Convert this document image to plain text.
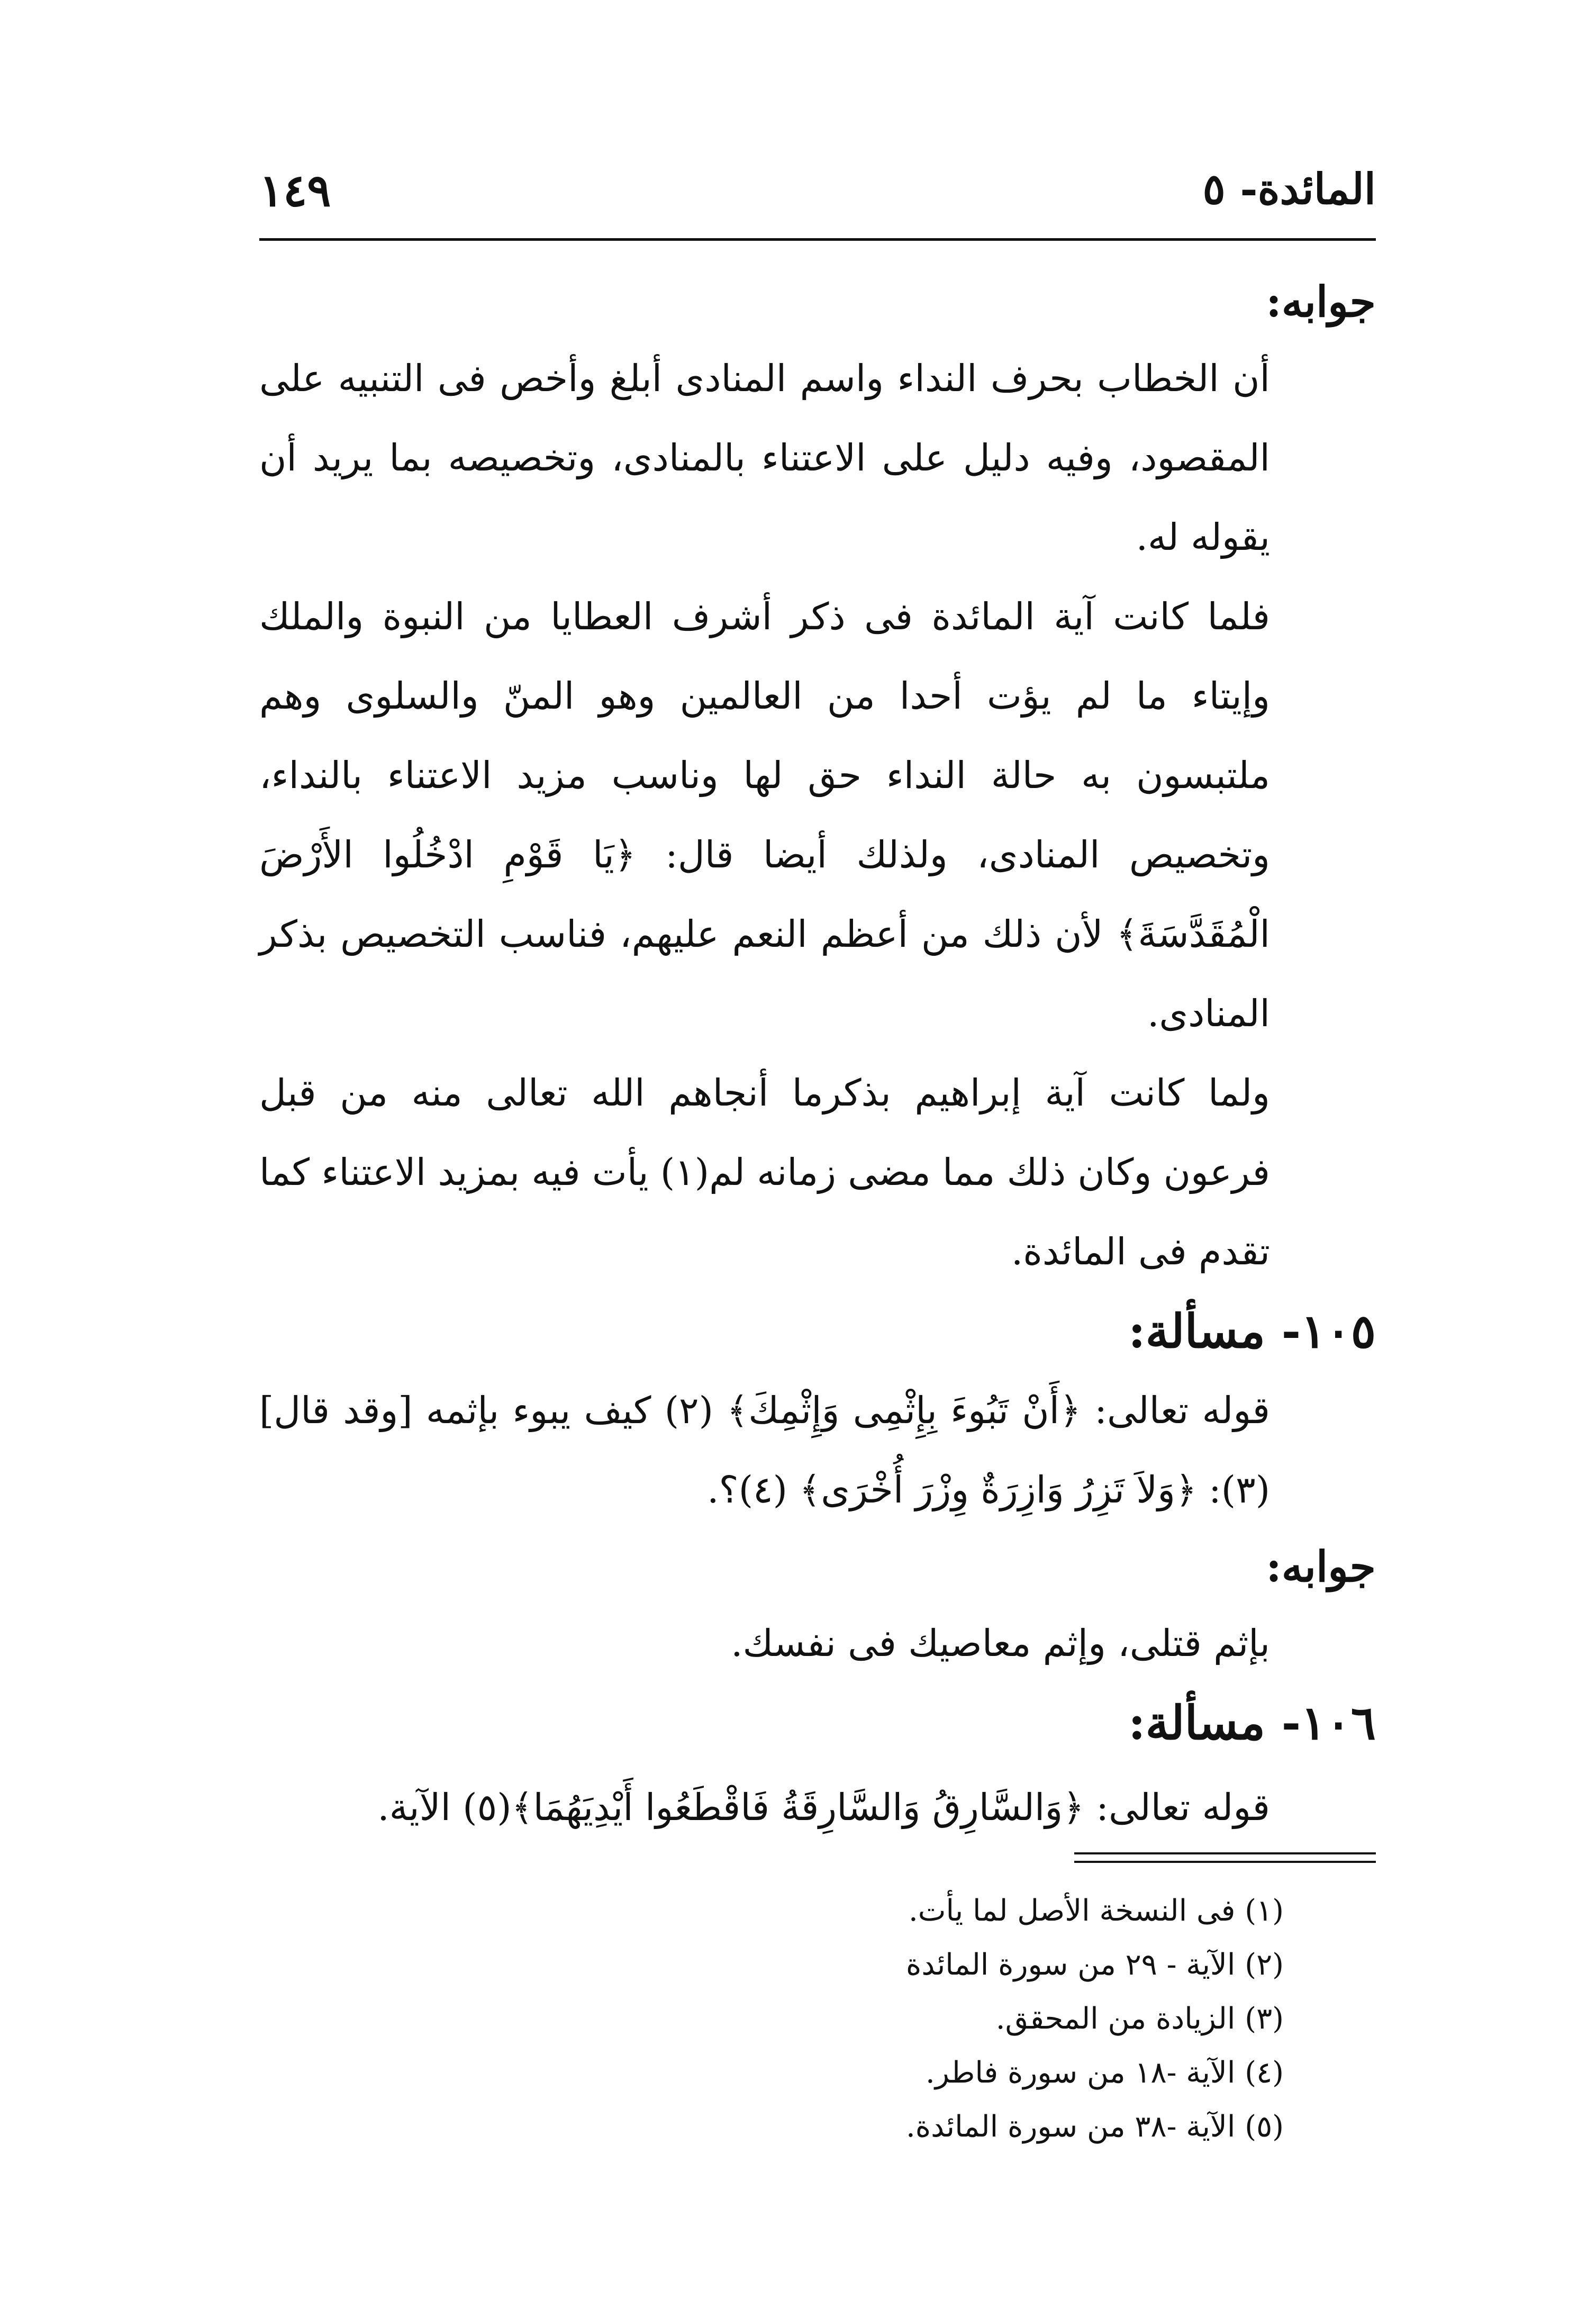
المائدة- ٥
١٤٩

جوابه:

أن الخطاب بحرف النداء واسم المنادى أبلغ وأخص فى التنبيه على المقصود، وفيه دليل على الاعتناء بالمنادى، وتخصيصه بما يريد أن يقوله له.

فلما كانت آية المائدة فى ذكر أشرف العطايا من النبوة والملك وإيتاء ما لم يؤت أحدا من العالمين وهو المنّ والسلوى وهم ملتبسون به حالة النداء حق لها وناسب مزيد الاعتناء بالنداء، وتخصيص المنادى، ولذلك أيضا قال: ﴿يَا قَوْمِ ادْخُلُوا الأَرْضَ الْمُقَدَّسَةَ﴾ لأن ذلك من أعظم النعم عليهم، فناسب التخصيص بذكر المنادى.

ولما كانت آية إبراهيم بذكرما أنجاهم الله تعالى منه من قبل فرعون وكان ذلك مما مضى زمانه لم(١) يأت فيه بمزيد الاعتناء كما تقدم فى المائدة.

١٠٥- مسألة:

قوله تعالى: ﴿أَنْ تَبُوءَ بِإِثْمِى وَإِثْمِكَ﴾ (٢) كيف يبوء بإثمه [وقد قال] (٣): ﴿وَلاَ تَزِرُ وَازِرَةٌ وِزْرَ أُخْرَى﴾ (٤)؟.

جوابه:

بإثم قتلى، وإثم معاصيك فى نفسك.

١٠٦- مسألة:

قوله تعالى: ﴿وَالسَّارِقُ وَالسَّارِقَةُ فَاقْطَعُوا أَيْدِيَهُمَا﴾(٥) الآية.

(١) فى النسخة الأصل لما يأت.
(٢) الآية - ٢٩ من سورة المائدة
(٣) الزيادة من المحقق.
(٤) الآية -١٨ من سورة فاطر.
(٥) الآية -٣٨ من سورة المائدة.
